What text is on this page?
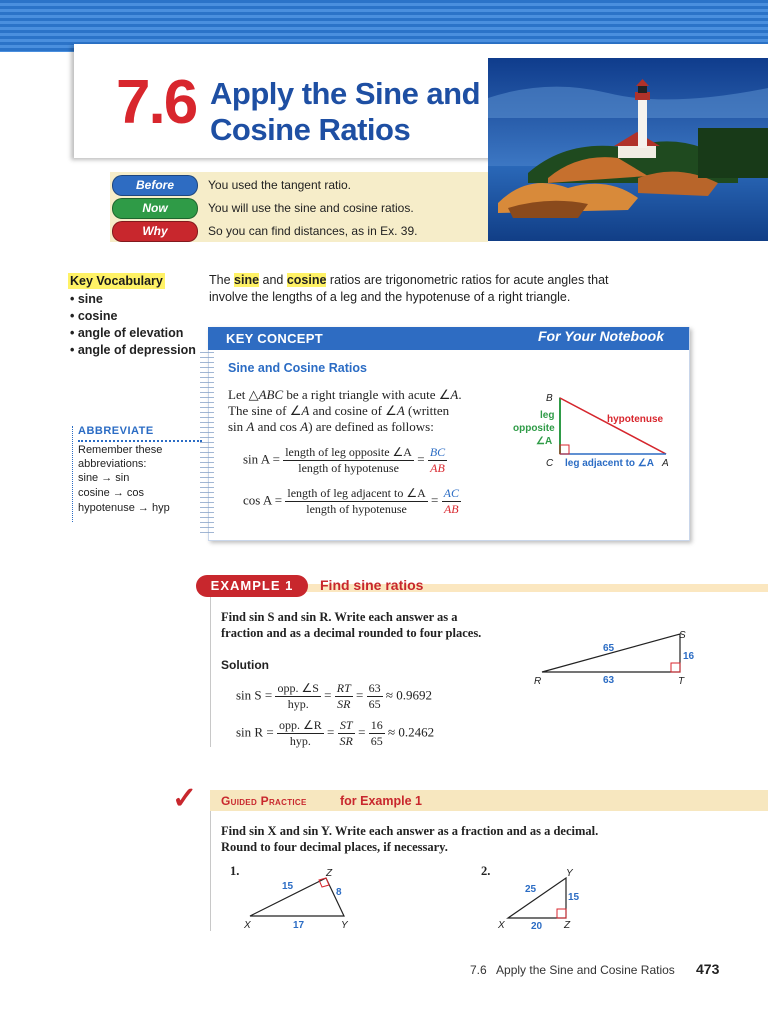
7.6 Apply the Sine and
Cosine Ratios
Before	You used the tangent ratio.
Now	You will use the sine and cosine ratios.
Why	So you can find distances, as in Ex. 39.
Key Vocabulary
• sine
• cosine
• angle of elevation
• angle of depression
ABBREVIATE
Remember these
abbreviations:
sine → sin
cosine → cos
hypotenuse → hyp
The sine and cosine ratios are trigonometric ratios for acute angles that
involve the lengths of a leg and the hypotenuse of a right triangle.
KEY CONCEPT	For Your Notebook
Sine and Cosine Ratios
Let △ABC be a right triangle with acute ∠A.
The sine of ∠A and cosine of ∠A (written
sin A and cos A) are defined as follows:
$\sin A = \frac{\text{length of leg opposite ∠A}}{\text{length of hypotenuse}} = \frac{BC}{AB}$
$\cos A = \frac{\text{length of leg adjacent to ∠A}}{\text{length of hypotenuse}} = \frac{AC}{AB}$
B
C	A
leg
opposite
∠A
hypotenuse
leg adjacent to ∠A
EXAMPLE 1	Find sine ratios
Find sin S and sin R. Write each answer as a
fraction and as a decimal rounded to four places.
Solution
$\sin S = \frac{\text{opp. ∠S}}{\text{hyp.}} = \frac{RT}{SR} = \frac{63}{65} \approx 0.9692$
$\sin R = \frac{\text{opp. ∠R}}{\text{hyp.}} = \frac{ST}{SR} = \frac{16}{65} \approx 0.2462$
R	T
S
65
63
16
✓ Guided Practice	for Example 1
Find sin X and sin Y. Write each answer as a fraction and as a decimal.
Round to four decimal places, if necessary.
1.
X	Y
Z
15
8
17
2.
X	Z
Y
25
15
20
7.6   Apply the Sine and Cosine Ratios 473
